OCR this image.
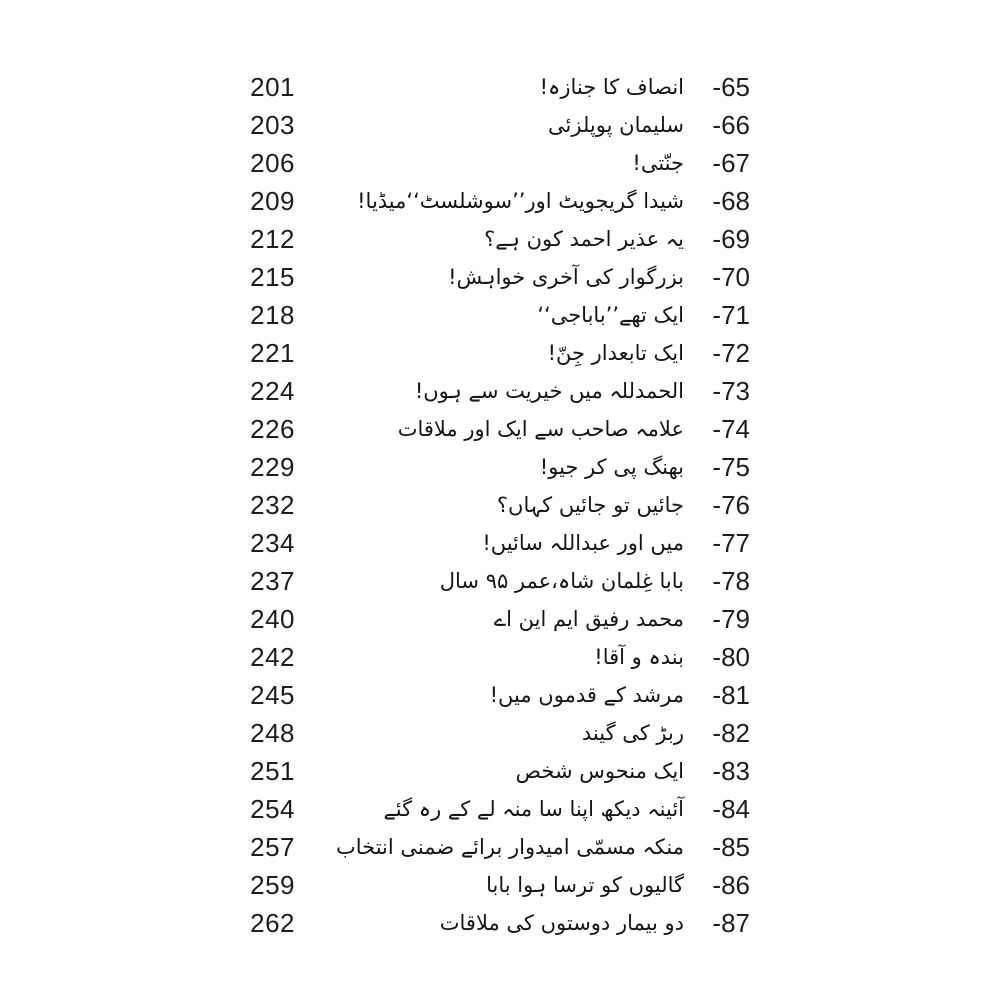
201	انصاف کا جنازہ!	-65
203	سلیمان پوپلزئی	-66
206	جنّتی!	-67
209	شیدا گریجویٹ اور’’سوشلسٹ‘‘میڈیا!	-68
212	یہ عذیر احمد کون ہے؟	-69
215	بزرگوار کی آخری خواہش!	-70
218	ایک تھے’’باباجی‘‘	-71
221	ایک تابعدار جِنّ!	-72
224	الحمدللہ میں خیریت سے ہوں!	-73
226	علامہ صاحب سے ایک اور ملاقات	-74
229	بھنگ پی کر جیو!	-75
232	جائیں تو جائیں کہاں؟	-76
234	میں اور عبداللہ سائیں!	-77
237	بابا غِلمان شاہ،عمر ۹۵ سال	-78
240	محمد رفیق ایم این اے	-79
242	بندہ و آقا!	-80
245	مرشد کے قدموں میں!	-81
248	ربڑ کی گیند	-82
251	ایک منحوس شخص	-83
254	آئینہ دیکھ اپنا سا منہ لے کے رہ گئے	-84
257 منکہ مسمّی امیدوار برائے ضمنی انتخاب	-85
259	گالیوں کو ترسا ہوا بابا	-86
262	دو بیمار دوستوں کی ملاقات	-87
